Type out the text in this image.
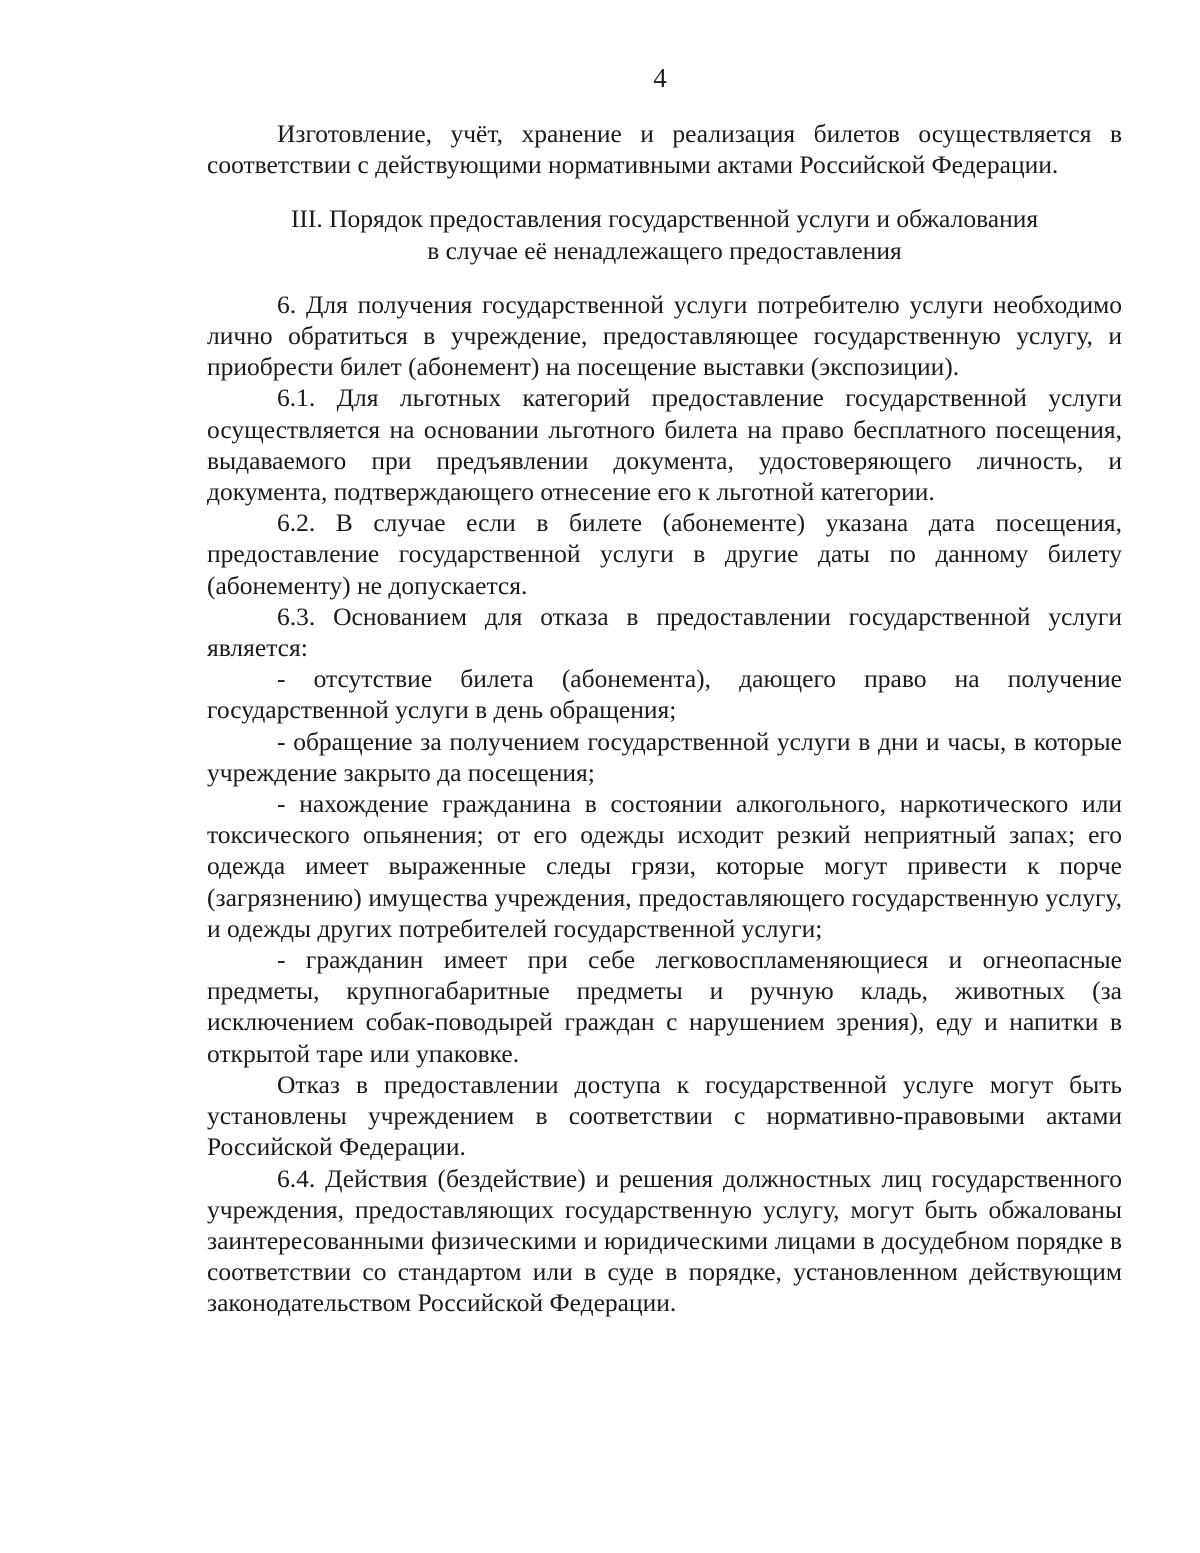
4

Изготовление, учёт, хранение и реализация билетов осуществляется в соответствии с действующими нормативными актами Российской Федерации.

III. Порядок предоставления государственной услуги и обжалования
в случае её ненадлежащего предоставления

6. Для получения государственной услуги потребителю услуги необходимо лично обратиться в учреждение, предоставляющее государственную услугу, и приобрести билет (абонемент) на посещение выставки (экспозиции).

6.1. Для льготных категорий предоставление государственной услуги осуществляется на основании льготного билета на право бесплатного посещения, выдаваемого при предъявлении документа, удостоверяющего личность, и документа, подтверждающего отнесение его к льготной категории.

6.2. В случае если в билете (абонементе) указана дата посещения, предоставление государственной услуги в другие даты по данному билету (абонементу) не допускается.

6.3. Основанием для отказа в предоставлении государственной услуги является:

- отсутствие билета (абонемента), дающего право на получение государственной услуги в день обращения;

- обращение за получением государственной услуги в дни и часы, в которые учреждение закрыто да посещения;

- нахождение гражданина в состоянии алкогольного, наркотического или токсического опьянения; от его одежды исходит резкий неприятный запах; его одежда имеет выраженные следы грязи, которые могут привести к порче (загрязнению) имущества учреждения, предоставляющего государственную услугу, и одежды других потребителей государственной услуги;

- гражданин имеет при себе легковоспламеняющиеся и огнеопасные предметы, крупногабаритные предметы и ручную кладь, животных (за исключением собак-поводырей граждан с нарушением зрения), еду и напитки в открытой таре или упаковке.

Отказ в предоставлении доступа к государственной услуге могут быть установлены учреждением в соответствии с нормативно-правовыми актами Российской Федерации.

6.4. Действия (бездействие) и решения должностных лиц государственного учреждения, предоставляющих государственную услугу, могут быть обжалованы заинтересованными физическими и юридическими лицами в досудебном порядке в соответствии со стандартом или в суде в порядке, установленном действующим законодательством Российской Федерации.
